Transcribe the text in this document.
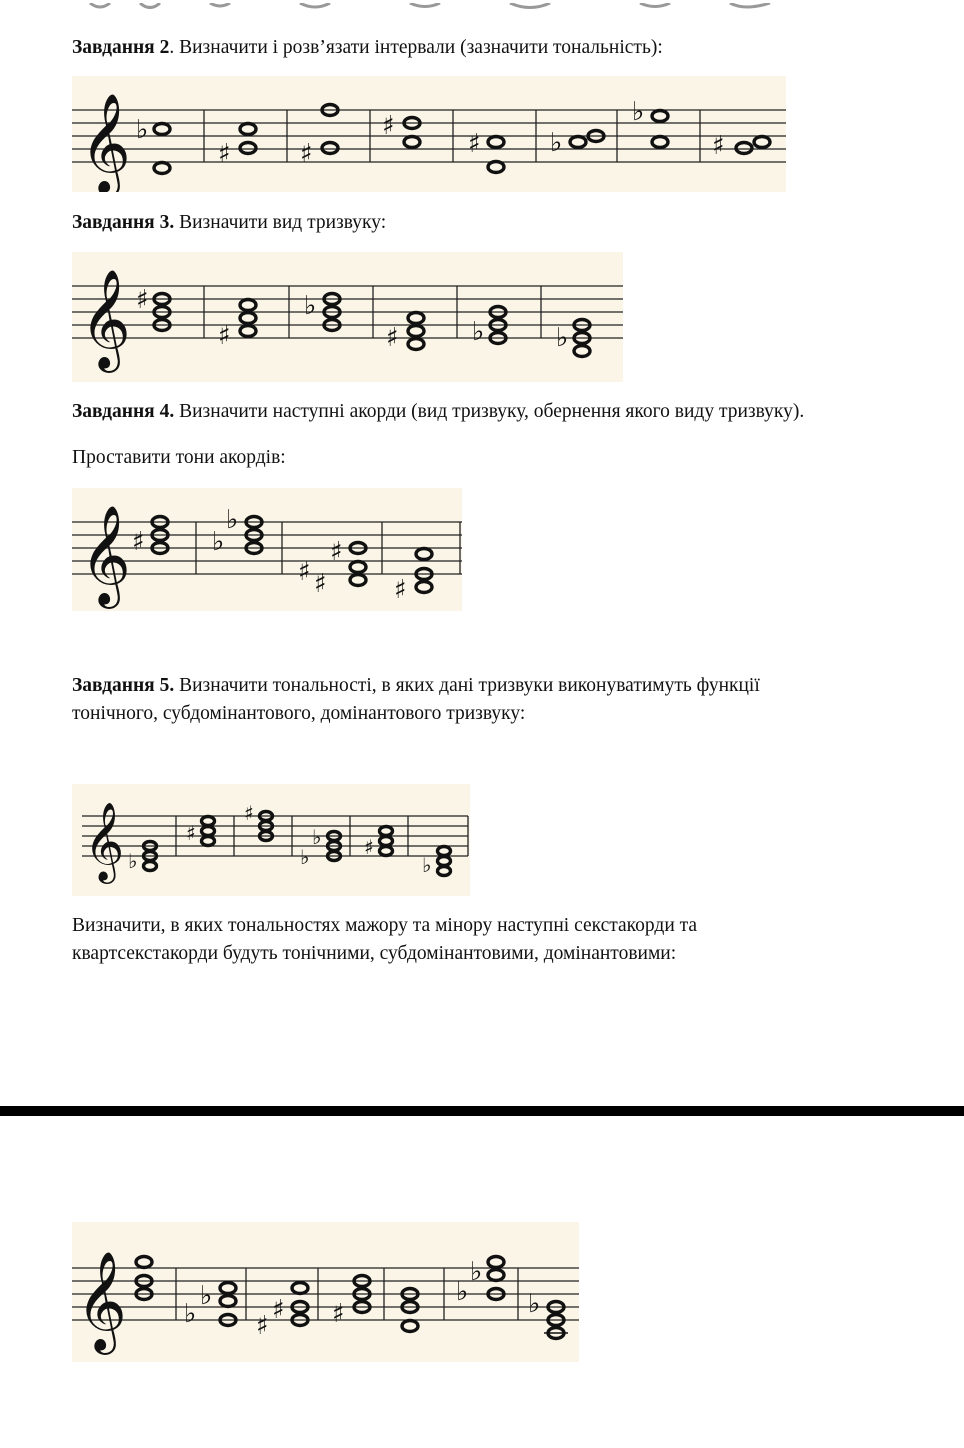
Завдання 2. Визначити і розв’язати інтервали (зазначити тональність):

𝄞 ♭
♯	♯
♯
♯	♭
♭
♯

Завдання 3. Визначити вид тризвуку:

𝄞 ♯
♯
♭
♯	♭	♭

Завдання 4. Визначити наступні акорди (вид тризвуку, обернення якого виду тризвуку).

Проставити тони акордів:

𝄞 ♯	♭
♭
♯ ♯
♯
♯

Завдання 5. Визначити тональності, в яких дані тризвуки виконуватимуть функції

тонічного, субдомінантового, домінантового тризвуку:

𝄞 ♭
♯
♯
♭
♭ ♯
♭

Визначити, в яких тональностях мажору та мінору наступні секстакорди та

квартсекстакорди будуть тонічними, субдомінантовими, домінантовими:

𝄞 ♭
♭
♯
♯ ♯
♭
♭
♭
